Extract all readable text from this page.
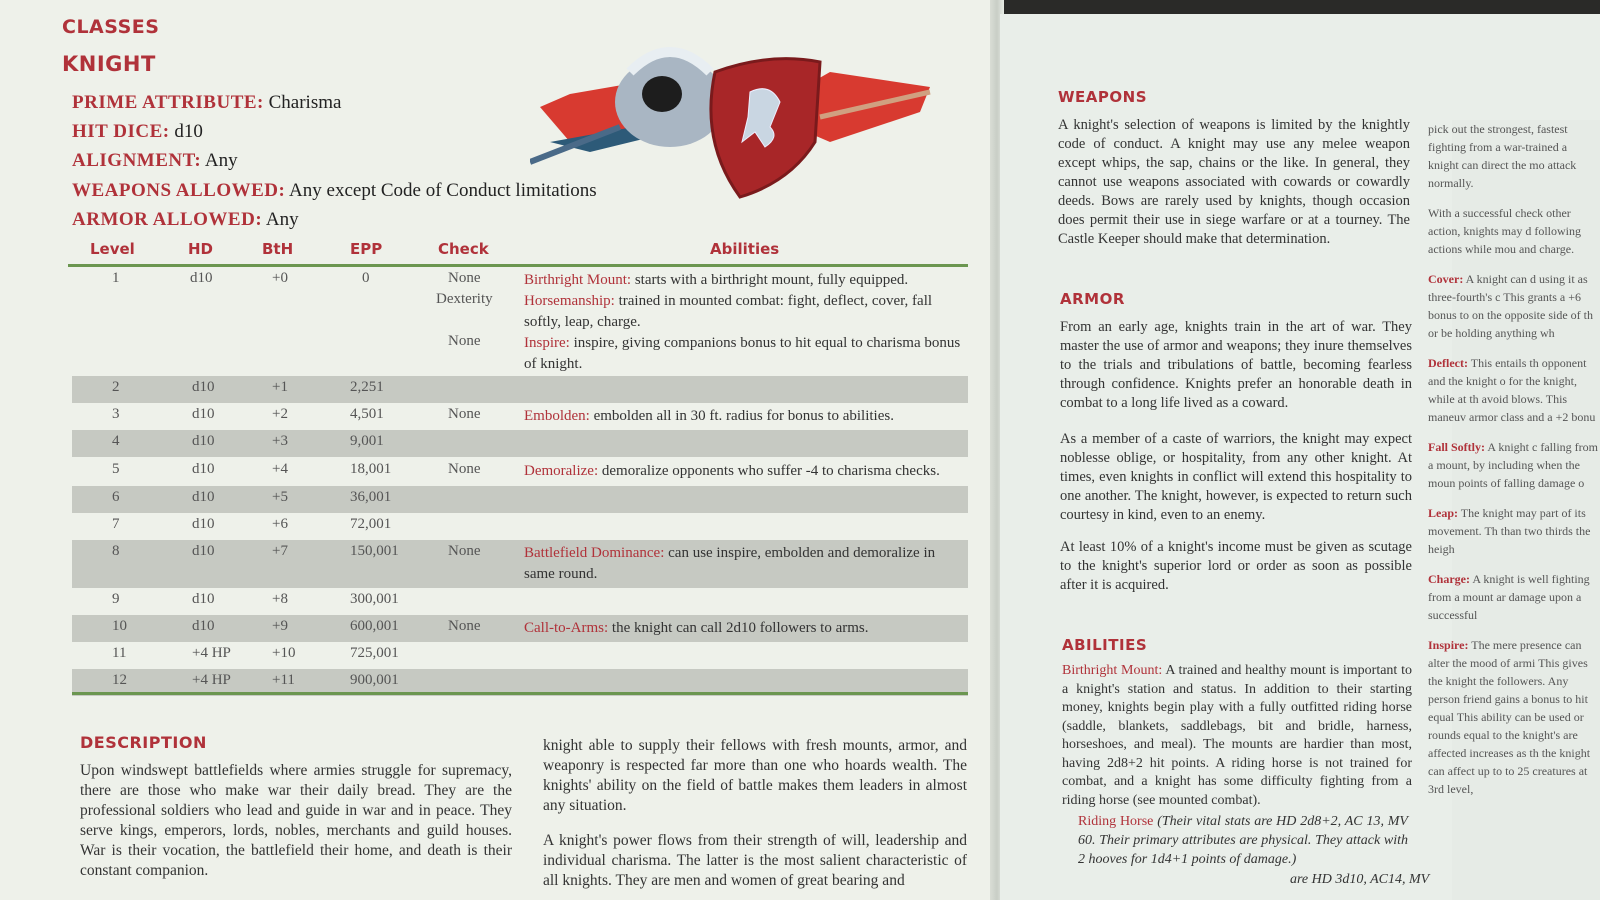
CLASSES
KNIGHT
PRIME ATTRIBUTE: Charisma
HIT DICE: d10
ALIGNMENT: Any
WEAPONS ALLOWED: Any except Code of Conduct limitations
ARMOR ALLOWED: Any
Level	HD	BtH	EPP	Check	Abilities
1	d10	+0	0	None	Birthright Mount: starts with a birthright mount, fully equipped.
Dexterity Horsemanship: trained in mounted combat: fight, deflect, cover, fall softly, leap, charge.
None	Inspire: inspire, giving companions bonus to hit equal to charisma bonus of knight.
2	d10	+1	2,251
3	d10	+2	4,501	None	Embolden: embolden all in 30 ft. radius for bonus to abilities.
4	d10	+3	9,001
5	d10	+4	18,001	None	Demoralize: demoralize opponents who suffer -4 to charisma checks.
6	d10	+5	36,001
7	d10	+6	72,001
8	d10	+7	150,001	None	Battlefield Dominance: can use inspire, embolden and demoralize in same round.
9	d10	+8	300,001
10	d10	+9	600,001	None	Call-to-Arms: the knight can call 2d10 followers to arms.
11	+4 HP	+10	725,001
12	+4 HP	+11	900,001
DESCRIPTION
Upon windswept battlefields where armies struggle for supremacy, there are those who make war their daily bread. They are the professional soldiers who lead and guide in war and in peace. They serve kings, emperors, lords, nobles, merchants and guild houses. War is their vocation, the battlefield their home, and death is their constant companion.
knight able to supply their fellows with fresh mounts, armor, and weaponry is respected far more than one who hoards wealth. The knights' ability on the field of battle makes them leaders in almost any situation.
A knight's power flows from their strength of will, leadership and individual charisma. The latter is the most salient characteristic of all knights. They are men and women of great bearing and
WEAPONS
A knight's selection of weapons is limited by the knightly code of conduct. A knight may use any melee weapon except whips, the sap, chains or the like. In general, they cannot use weapons associated with cowards or cowardly deeds. Bows are rarely used by knights, though occasion does permit their use in siege warfare or at a tourney. The Castle Keeper should make that determination.
ARMOR
From an early age, knights train in the art of war. They master the use of armor and weapons; they inure themselves to the trials and tribulations of battle, becoming fearless through confidence. Knights prefer an honorable death in combat to a long life lived as a coward.
As a member of a caste of warriors, the knight may expect noblesse oblige, or hospitality, from any other knight. At times, even knights in conflict will extend this hospitality to one another. The knight, however, is expected to return such courtesy in kind, even to an enemy.
At least 10% of a knight's income must be given as scutage to the knight's superior lord or order as soon as possible after it is acquired.
ABILITIES
Birthright Mount: A trained and healthy mount is important to a knight's station and status. In addition to their starting money, knights begin play with a fully outfitted riding horse (saddle, blankets, saddlebags, bit and bridle, harness, horseshoes, and meal). The mounts are hardier than most, having 2d8+2 hit points. A riding horse is not trained for combat, and a knight has some difficulty fighting from a riding horse (see mounted combat).
Riding Horse (Their vital stats are HD 2d8+2, AC 13, MV 60. Their primary attributes are physical. They attack with 2 hooves for 1d4+1 points of damage.)
are HD 3d10, AC14, MV
pick out the strongest, fastest fighting from a war-trained a knight can direct the mo attack normally.
With a successful check other action, knights may d following actions while mou and charge.
Cover: A knight can d using it as three-fourth's c This grants a +6 bonus to on the opposite side of th or be holding anything wh
Deflect: This entails th opponent and the knight o for the knight, while at th avoid blows. This maneuv armor class and a +2 bonu
Fall Softly: A knight c falling from a mount, by including when the moun points of falling damage o
Leap: The knight may part of its movement. Th than two thirds the heigh
Charge: A knight is well fighting from a mount ar damage upon a successful
Inspire: The mere presence can alter the mood of armi This gives the knight the followers. Any person friend gains a bonus to hit equal This ability can be used or rounds equal to the knight's are affected increases as th the knight can affect up to to 25 creatures at 3rd level,
